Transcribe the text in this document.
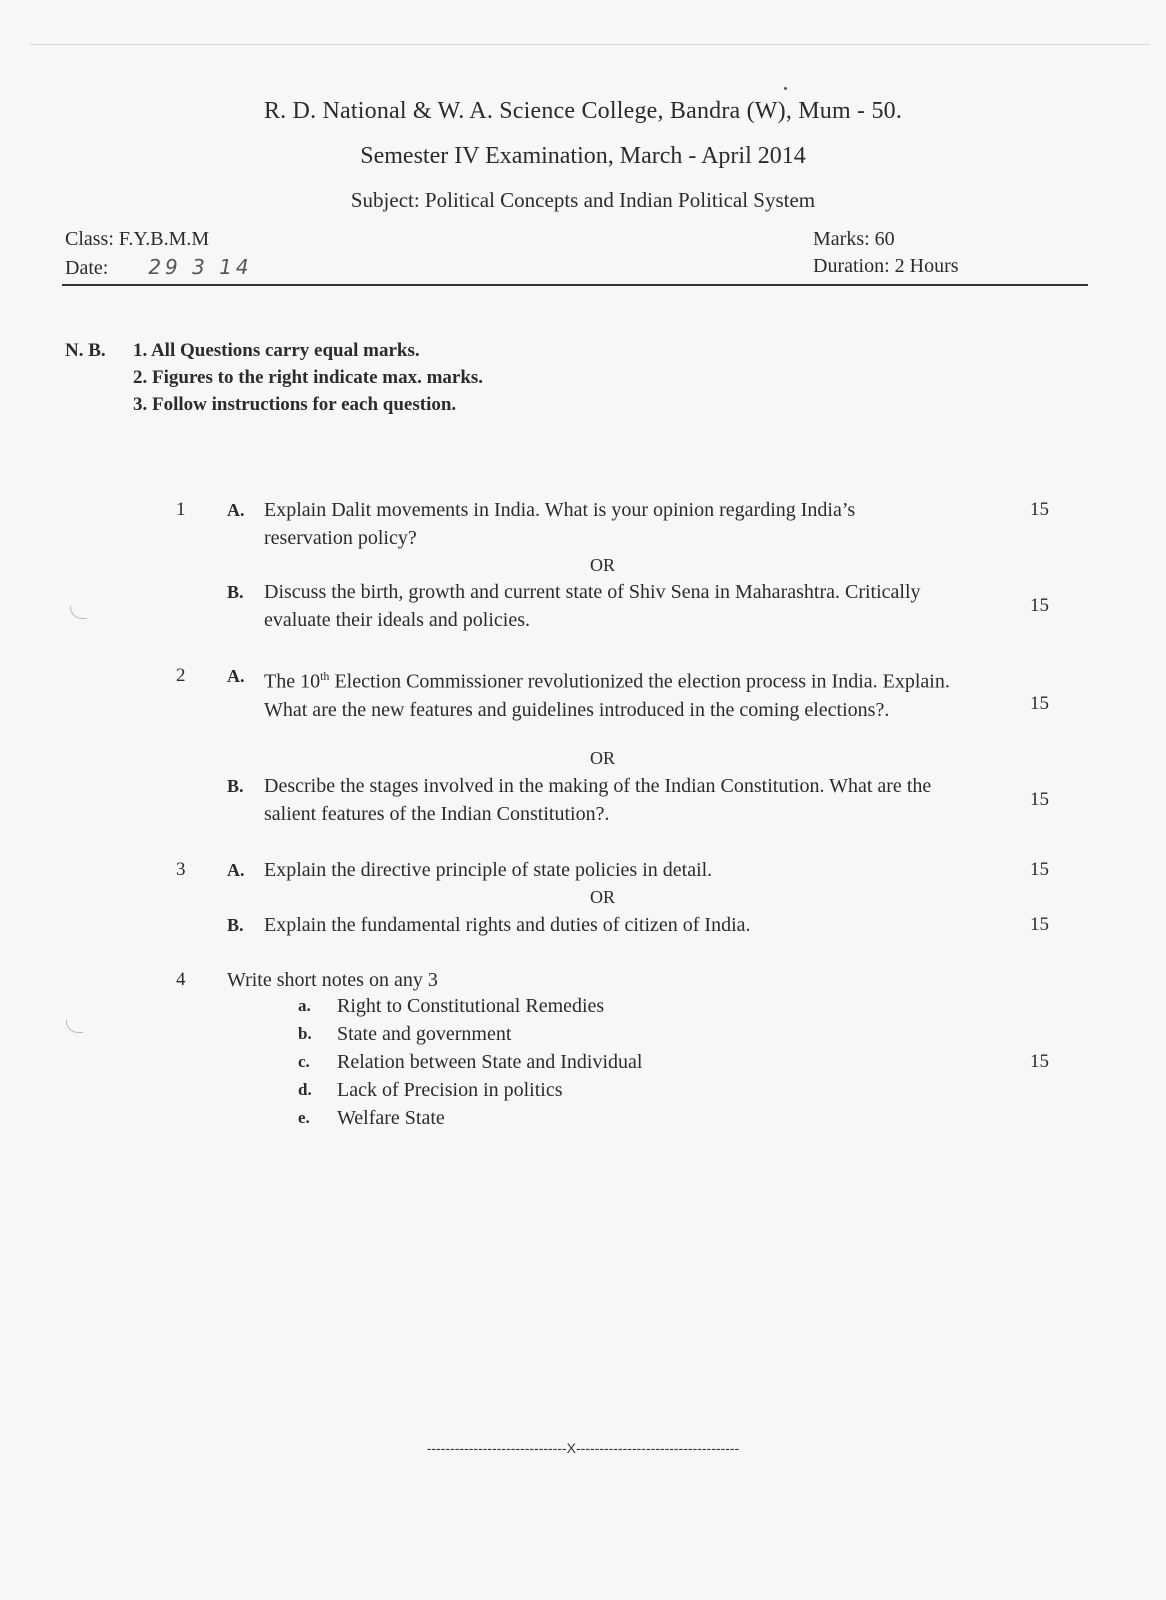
R. D. National & W. A. Science College, Bandra (W), Mum - 50.
Semester IV Examination, March - April 2014
Subject: Political Concepts and Indian Political System
Class: F.Y.B.M.M
Date: 29 3 14
Marks: 60
Duration: 2 Hours
N. B.	1. All Questions carry equal marks.
2. Figures to the right indicate max. marks.
3. Follow instructions for each question.
1 A. Explain Dalit movements in India. What is your opinion regarding India’s reservation policy?
15
OR
B. Discuss the birth, growth and current state of Shiv Sena in Maharashtra. Critically evaluate their ideals and policies.
15
2 A. The 10th Election Commissioner revolutionized the election process in India. Explain. What are the new features and guidelines introduced in the coming elections?.	15
OR
B. Describe the stages involved in the making of the Indian Constitution. What are the salient features of the Indian Constitution?.
15
3 A. Explain the directive principle of state policies in detail.	15
OR
B. Explain the fundamental rights and duties of citizen of India.	15
4 Write short notes on any 3
a. Right to Constitutional Remedies
b. State and government
c. Relation between State and Individual
d. Lack of Precision in politics
e. Welfare State
15
------------------------------X-----------------------------------
